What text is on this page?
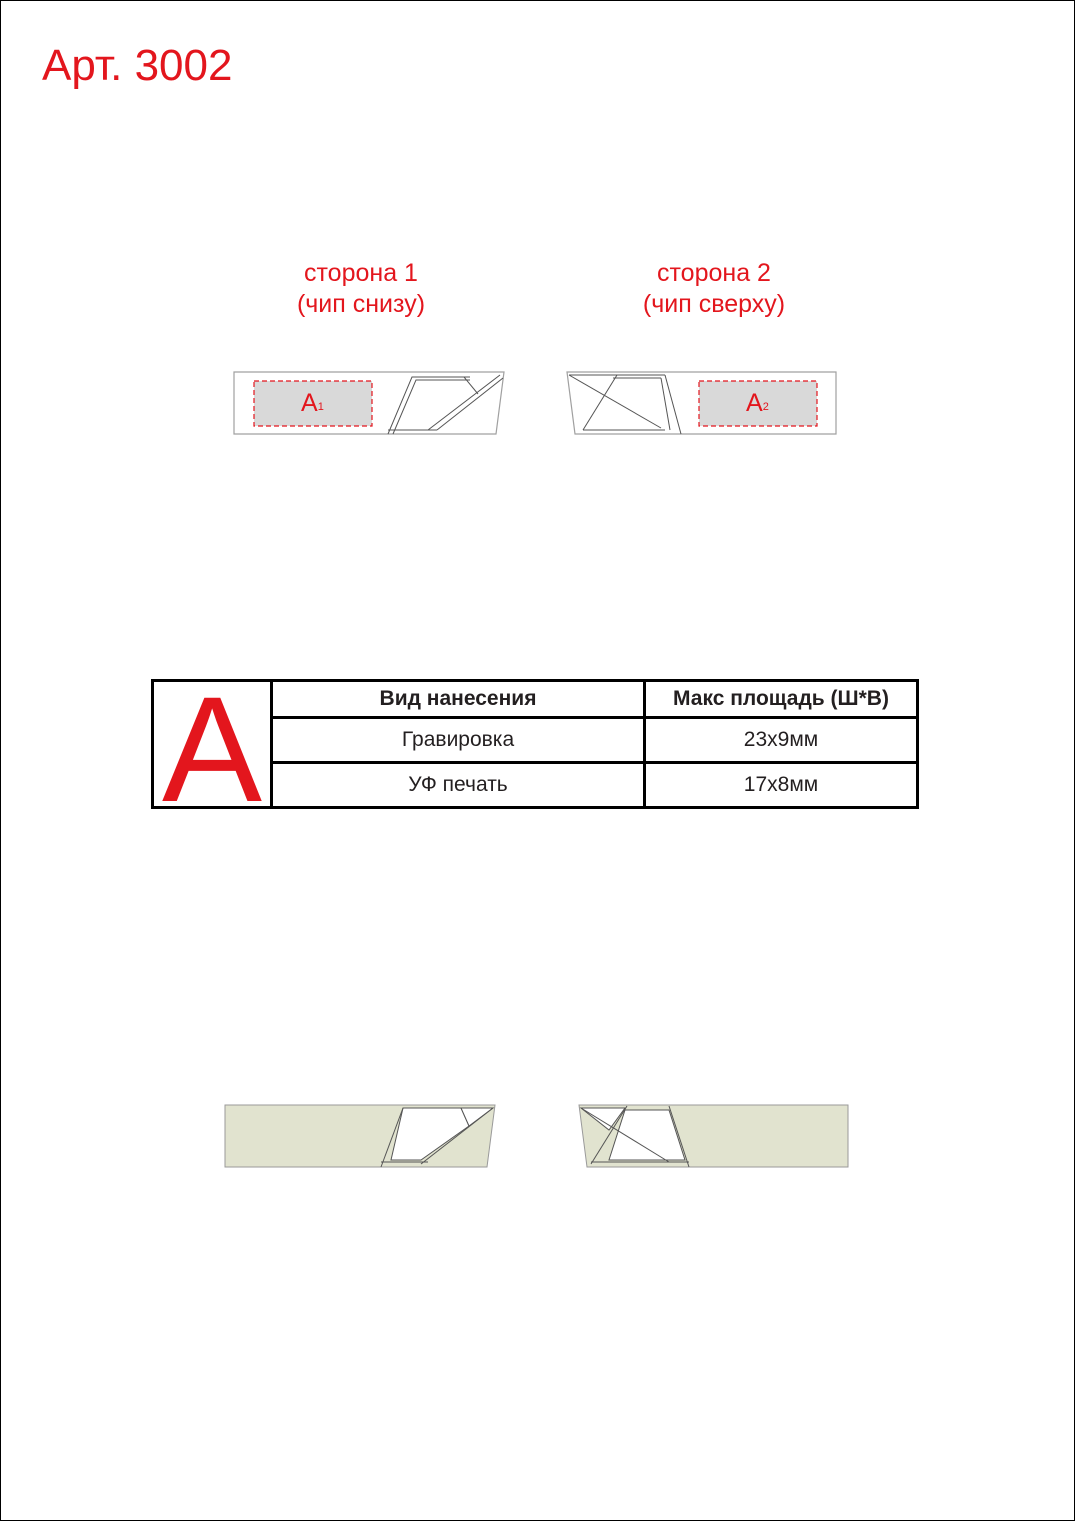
Арт. 3002
сторона 1
(чип снизу)
сторона 2
(чип сверху)
$A_1$	$A_2$
A	Вид нанесения	Макс площадь (Ш*В)
	Гравировка	23x9мм
	УФ печать	17x8мм
